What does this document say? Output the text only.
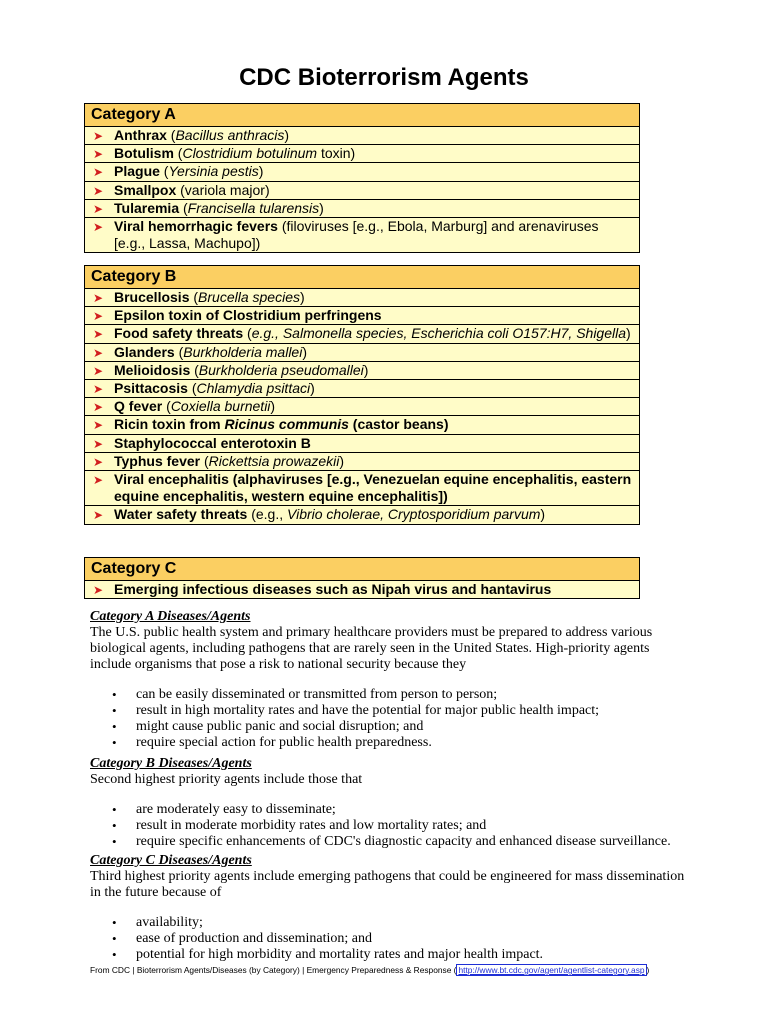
CDC Bioterrorism Agents
Category A
➤ Anthrax (Bacillus anthracis)
➤ Botulism (Clostridium botulinum toxin)
➤ Plague (Yersinia pestis)
➤ Smallpox (variola major)
➤ Tularemia (Francisella tularensis)
➤ Viral hemorrhagic fevers (filoviruses [e.g., Ebola, Marburg] and arenaviruses [e.g., Lassa, Machupo])
Category B
➤ Brucellosis (Brucella species)
➤ Epsilon toxin of Clostridium perfringens
➤ Food safety threats (e.g., Salmonella species, Escherichia coli O157:H7, Shigella)
➤ Glanders (Burkholderia mallei)
➤ Melioidosis (Burkholderia pseudomallei)
➤ Psittacosis (Chlamydia psittaci)
➤ Q fever (Coxiella burnetii)
➤ Ricin toxin from Ricinus communis (castor beans)
➤ Staphylococcal enterotoxin B
➤ Typhus fever (Rickettsia prowazekii)
➤ Viral encephalitis (alphaviruses [e.g., Venezuelan equine encephalitis, eastern equine encephalitis, western equine encephalitis])
➤ Water safety threats (e.g., Vibrio cholerae, Cryptosporidium parvum)
Category C
➤ Emerging infectious diseases such as Nipah virus and hantavirus
Category A Diseases/Agents
The U.S. public health system and primary healthcare providers must be prepared to address various biological agents, including pathogens that are rarely seen in the United States. High-priority agents include organisms that pose a risk to national security because they
• can be easily disseminated or transmitted from person to person;
• result in high mortality rates and have the potential for major public health impact;
• might cause public panic and social disruption; and
• require special action for public health preparedness.
Category B Diseases/Agents
Second highest priority agents include those that
• are moderately easy to disseminate;
• result in moderate morbidity rates and low mortality rates; and
• require specific enhancements of CDC's diagnostic capacity and enhanced disease surveillance.
Category C Diseases/Agents
Third highest priority agents include emerging pathogens that could be engineered for mass dissemination in the future because of
• availability;
• ease of production and dissemination; and
• potential for high morbidity and mortality rates and major health impact.
From CDC | Bioterrorism Agents/Diseases (by Category) | Emergency Preparedness & Response ( http://www.bt.cdc.gov/agent/agentlist-category.asp )
